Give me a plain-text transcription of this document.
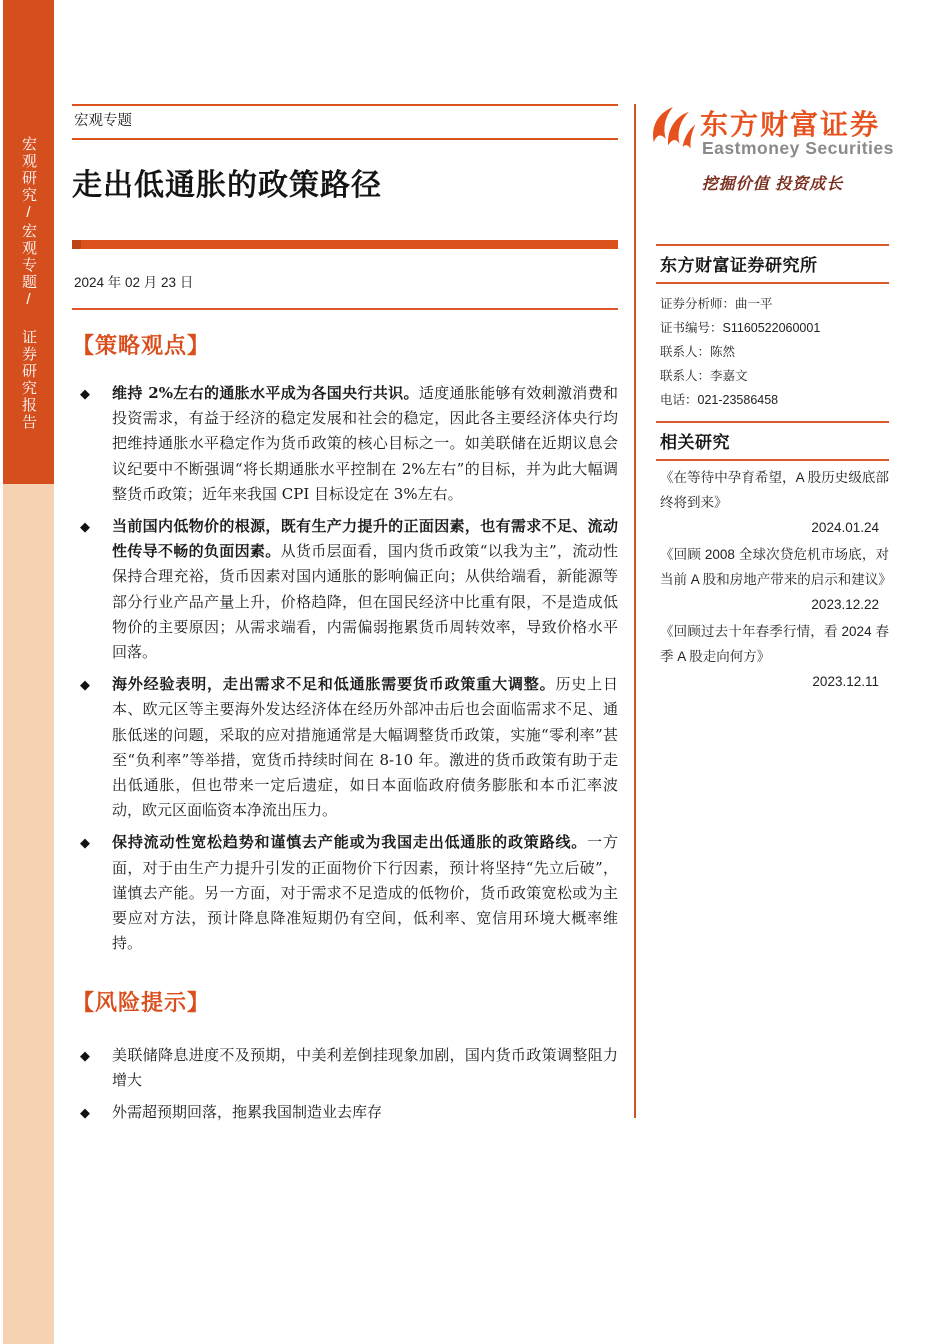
宏观研究/宏观专题/ 证券研究报告
宏观专题
走出低通胀的政策路径
2024 年 02 月 23 日
【策略观点】
◆	维持 2%左右的通胀水平成为各国央行共识。适度通胀能够有效刺激消费和投资需求，有益于经济的稳定发展和社会的稳定，因此各主要经济体央行均把维持通胀水平稳定作为货币政策的核心目标之一。如美联储在近期议息会议纪要中不断强调“将长期通胀水平控制在 2%左右”的目标，并为此大幅调整货币政策；近年来我国 CPI 目标设定在 3%左右。

◆	当前国内低物价的根源，既有生产力提升的正面因素，也有需求不足、流动性传导不畅的负面因素。从货币层面看，国内货币政策“以我为主”，流动性保持合理充裕，货币因素对国内通胀的影响偏正向；从供给端看，新能源等部分行业产品产量上升，价格趋降，但在国民经济中比重有限，不是造成低物价的主要原因；从需求端看，内需偏弱拖累货币周转效率，导致价格水平回落。

◆	海外经验表明，走出需求不足和低通胀需要货币政策重大调整。历史上日本、欧元区等主要海外发达经济体在经历外部冲击后也会面临需求不足、通胀低迷的问题，采取的应对措施通常是大幅调整货币政策，实施“零利率”甚至“负利率”等举措，宽货币持续时间在 8-10 年。激进的货币政策有助于走出低通胀，但也带来一定后遗症，如日本面临政府债务膨胀和本币汇率波动，欧元区面临资本净流出压力。

◆	保持流动性宽松趋势和谨慎去产能或为我国走出低通胀的政策路线。一方面，对于由生产力提升引发的正面物价下行因素，预计将坚持“先立后破”，谨慎去产能。另一方面，对于需求不足造成的低物价，货币政策宽松或为主要应对方法，预计降息降准短期仍有空间，低利率、宽信用环境大概率维持。

【风险提示】
◆	美联储降息进度不及预期，中美利差倒挂现象加剧，国内货币政策调整阻力增大

◆	外需超预期回落，拖累我国制造业去库存

东方财富证券
Eastmoney Securities
挖掘价值 投资成长
东方财富证券研究所
证券分析师：曲一平
证书编号：S1160522060001
联系人：陈然
联系人：李嘉文
电话：021-23586458
相关研究
《在等待中孕育希望，A 股历史级底部终将到来》
2024.01.24
《回顾 2008 全球次贷危机市场底，对当前 A 股和房地产带来的启示和建议》
2023.12.22
《回顾过去十年春季行情，看 2024 春季 A 股走向何方》
2023.12.11
